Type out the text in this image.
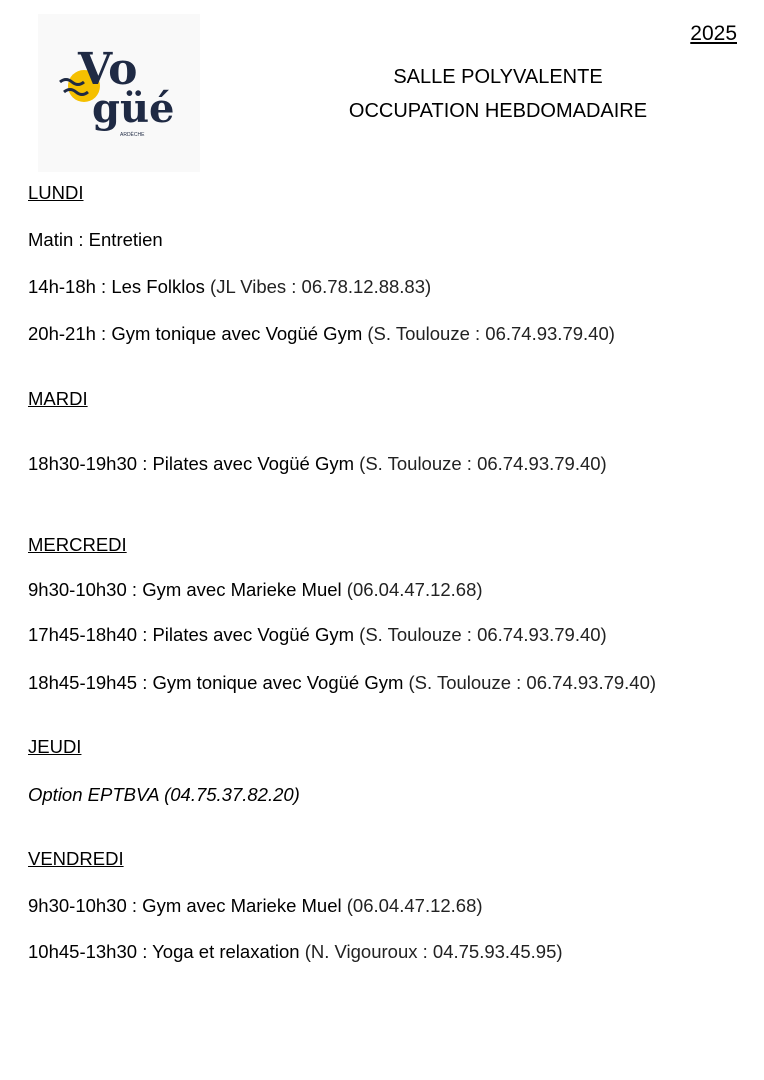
Vo
güé
ARDÈCHE
2025
SALLE POLYVALENTE
OCCUPATION HEBDOMADAIRE
LUNDI
Matin : Entretien
14h-18h : Les Folklos (JL Vibes : 06.78.12.88.83)
20h-21h : Gym tonique avec Vogüé Gym (S. Toulouze : 06.74.93.79.40)
MARDI
18h30-19h30 : Pilates avec Vogüé Gym (S. Toulouze : 06.74.93.79.40)
MERCREDI
9h30-10h30 : Gym avec Marieke Muel (06.04.47.12.68)
17h45-18h40 : Pilates avec Vogüé Gym (S. Toulouze : 06.74.93.79.40)
18h45-19h45 : Gym tonique avec Vogüé Gym (S. Toulouze : 06.74.93.79.40)
JEUDI
Option EPTBVA (04.75.37.82.20)
VENDREDI
9h30-10h30 : Gym avec Marieke Muel (06.04.47.12.68)
10h45-13h30 : Yoga et relaxation (N. Vigouroux : 04.75.93.45.95)
